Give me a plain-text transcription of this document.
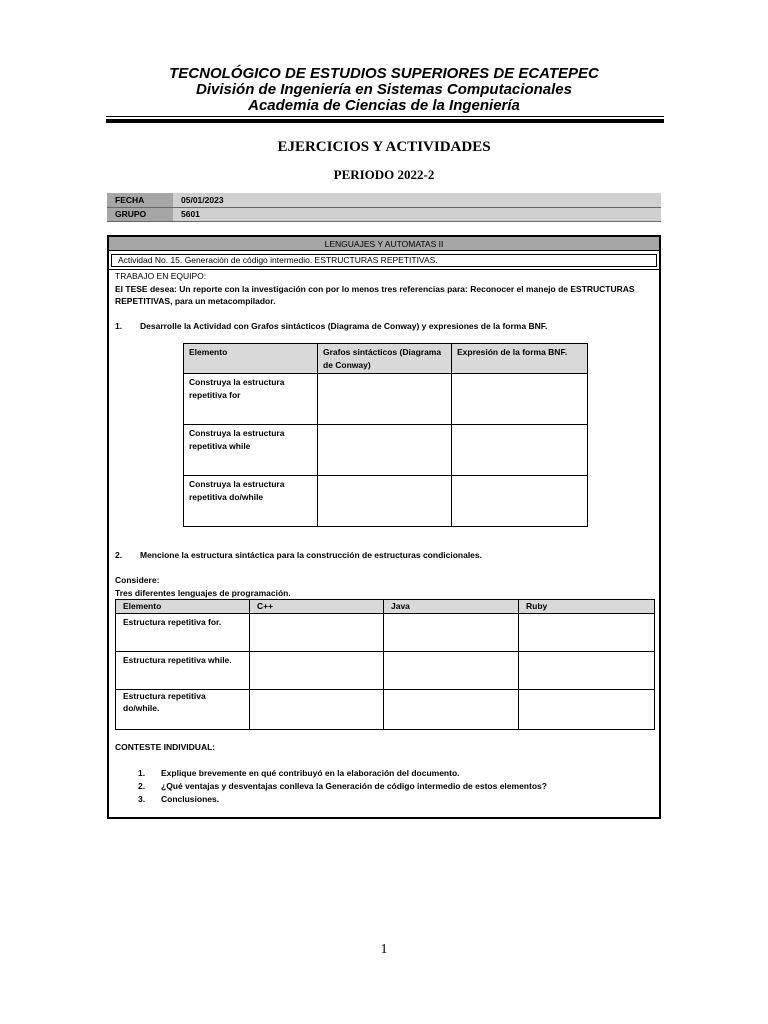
TECNOLÓGICO DE ESTUDIOS SUPERIORES DE ECATEPEC
División de Ingeniería en Sistemas Computacionales
Academia de Ciencias de la Ingeniería
EJERCICIOS Y ACTIVIDADES
PERIODO 2022-2
FECHA	05/01/2023
GRUPO	5601
LENGUAJES Y AUTOMATAS II
Actividad No. 15. Generación de código intermedio. ESTRUCTURAS REPETITIVAS.
TRABAJO EN EQUIPO:
El TESE desea: Un reporte con la investigación con por lo menos tres referencias para: Reconocer el manejo de ESTRUCTURAS
REPETITIVAS, para un metacompilador.
1. Desarrolle la Actividad con Grafos sintácticos (Diagrama de Conway) y expresiones de la forma BNF.
Elemento	Grafos sintácticos (Diagrama de Conway)	Expresión de la forma BNF.
Construya la estructura repetitiva for		
Construya la estructura repetitiva while		
Construya la estructura repetitiva do/while		
2. Mencione la estructura sintáctica para la construcción de estructuras condicionales.
Considere:
Tres diferentes lenguajes de programación.
Elemento	C++	Java	Ruby
Estructura repetitiva for.			
Estructura repetitiva while.			
Estructura repetitiva do/while.			
CONTESTE INDIVIDUAL:
1. Explique brevemente en qué contribuyó en la elaboración del documento.
2. ¿Qué ventajas y desventajas conlleva la Generación de código intermedio de estos elementos?
3. Conclusiones.
1
